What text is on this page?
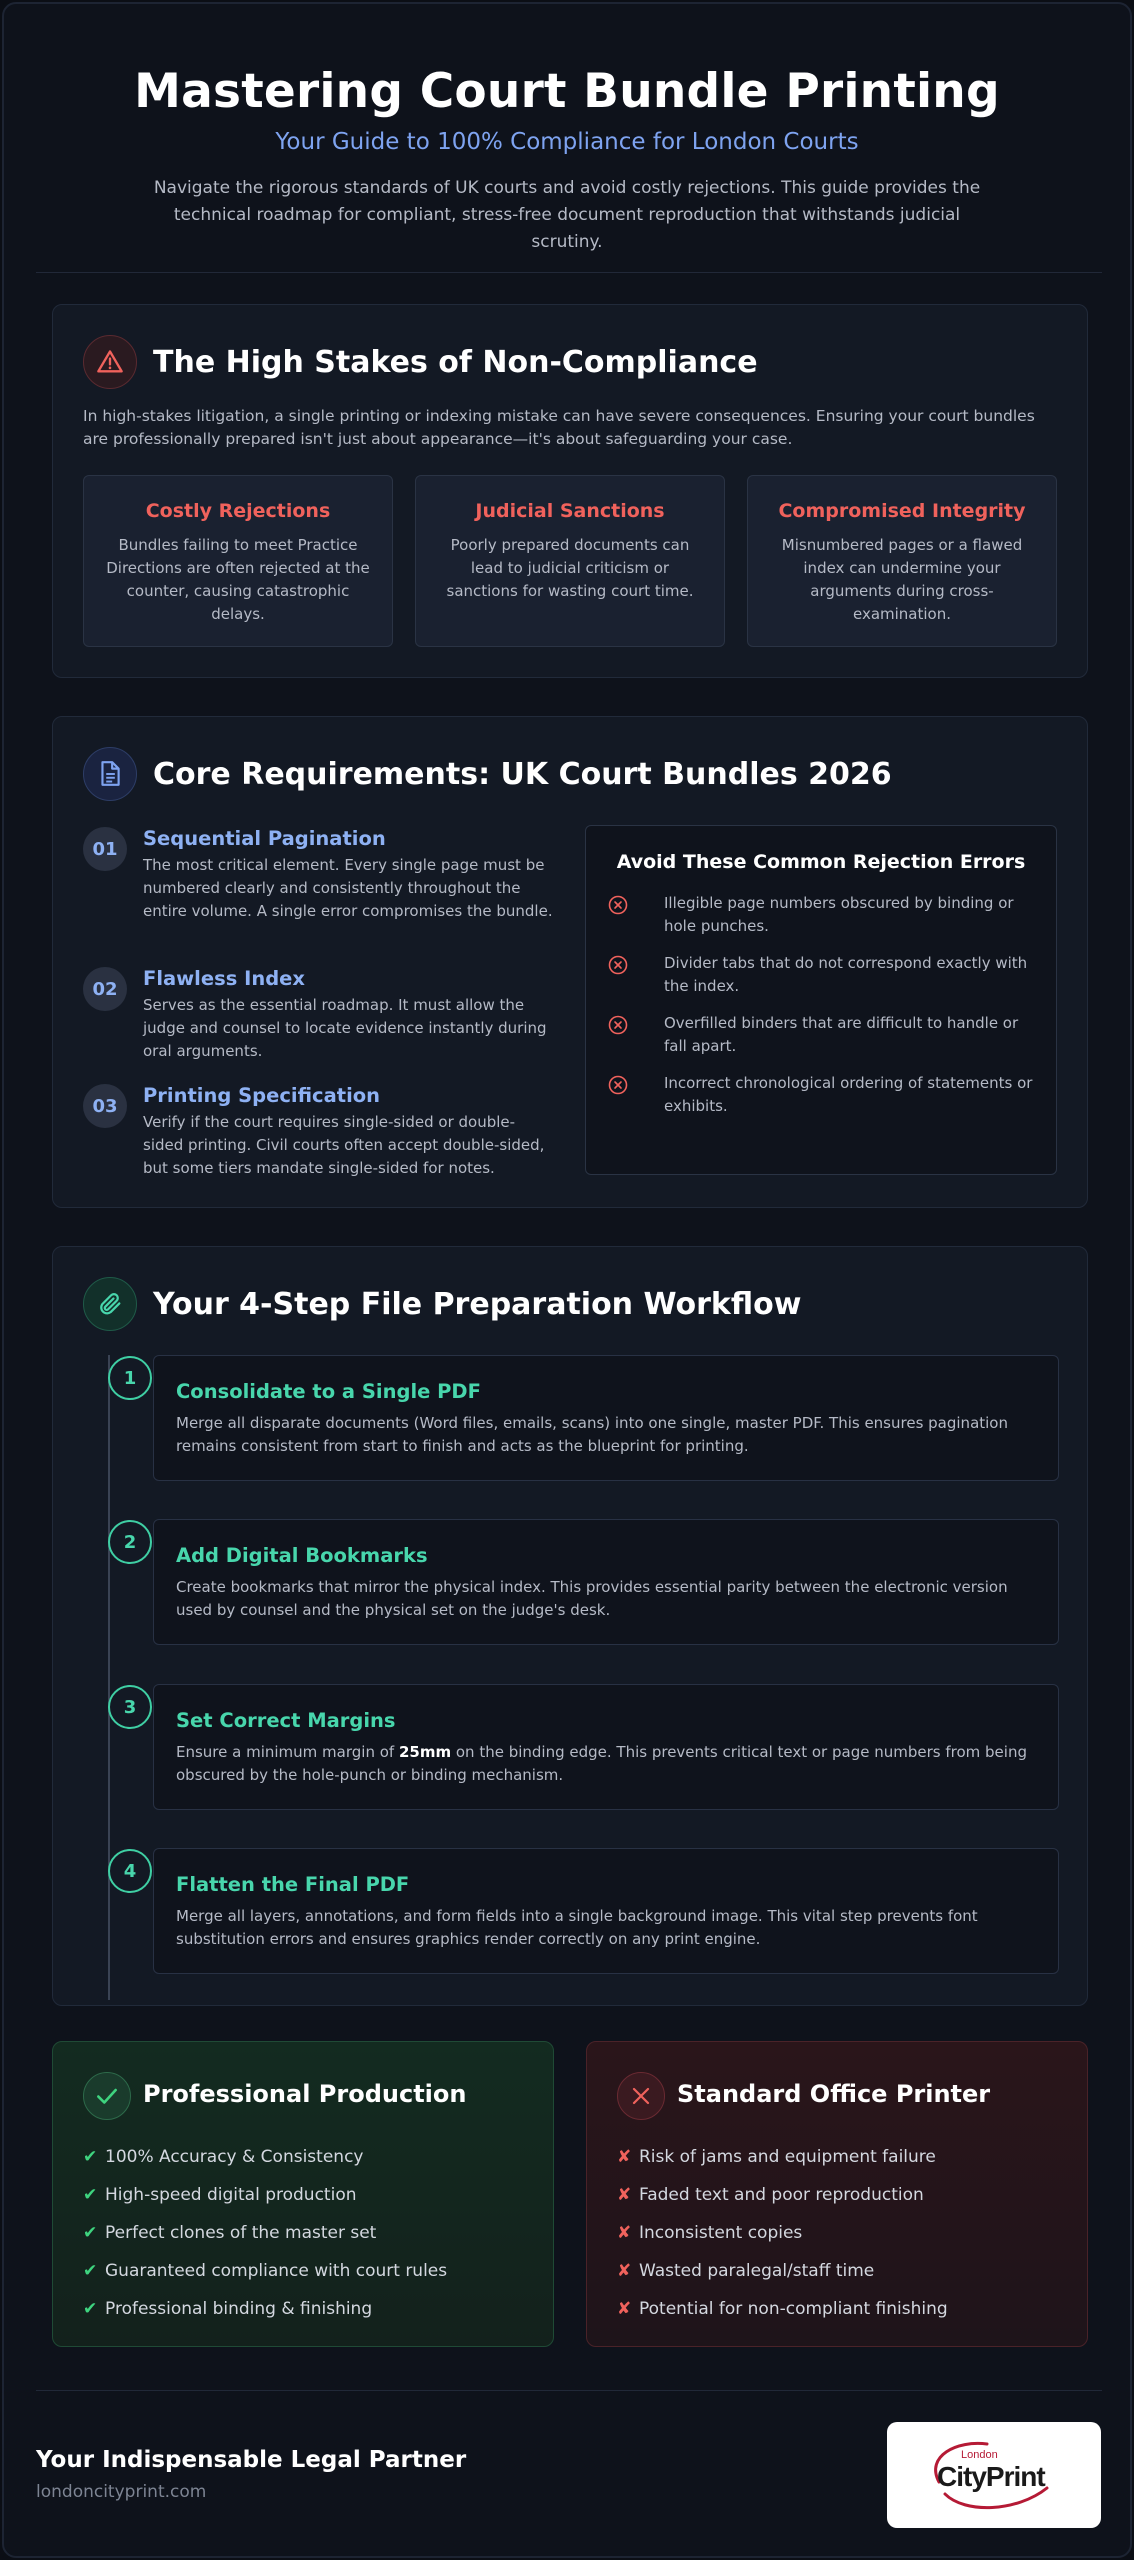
Mastering Court Bundle Printing
Your Guide to 100% Compliance for London Courts

Navigate the rigorous standards of UK courts and avoid costly rejections. This guide provides the technical roadmap for compliant, stress-free document reproduction that withstands judicial scrutiny.

The High Stakes of Non-Compliance
In high-stakes litigation, a single printing or indexing mistake can have severe consequences. Ensuring your court bundles are professionally prepared isn't just about appearance—it's about safeguarding your case.
Costly Rejections

Bundles failing to meet Practice Directions are often rejected at the counter, causing catastrophic delays.

Judicial Sanctions

Poorly prepared documents can lead to judicial criticism or sanctions for wasting court time.

Compromised Integrity

Misnumbered pages or a flawed index can undermine your arguments during cross-examination.

Core Requirements: UK Court Bundles 2026
01	Sequential Pagination

The most critical element. Every single page must be numbered clearly and consistently throughout the entire volume. A single error compromises the bundle.

02	Flawless Index

Serves as the essential roadmap. It must allow the judge and counsel to locate evidence instantly during oral arguments.

03	Printing Specification

Verify if the court requires single-sided or double-sided printing. Civil courts often accept double-sided, but some tiers mandate single-sided for notes.

Avoid These Common Rejection Errors
Illegible page numbers obscured by binding or hole punches.
Divider tabs that do not correspond exactly with the index.
Overfilled binders that are difficult to handle or fall apart.
Incorrect chronological ordering of statements or exhibits.
Your 4-Step File Preparation Workflow
1
Consolidate to a Single PDF

Merge all disparate documents (Word files, emails, scans) into one single, master PDF. This ensures pagination remains consistent from start to finish and acts as the blueprint for printing.

2
Add Digital Bookmarks

Create bookmarks that mirror the physical index. This provides essential parity between the electronic version used by counsel and the physical set on the judge's desk.

3
Set Correct Margins

Ensure a minimum margin of 25mm on the binding edge. This prevents critical text or page numbers from being obscured by the hole-punch or binding mechanism.

4
Flatten the Final PDF

Merge all layers, annotations, and form fields into a single background image. This vital step prevents font substitution errors and ensures graphics render correctly on any print engine.

Professional Production
✔ 100% Accuracy & Consistency
✔ High-speed digital production
✔ Perfect clones of the master set
✔ Guaranteed compliance with court rules
✔ Professional binding & finishing
Standard Office Printer
✘ Risk of jams and equipment failure
✘ Faded text and poor reproduction
✘ Inconsistent copies
✘ Wasted paralegal/staff time
✘ Potential for non-compliant finishing
Your Indispensable Legal Partner
londoncityprint.com
London
CityPrint
